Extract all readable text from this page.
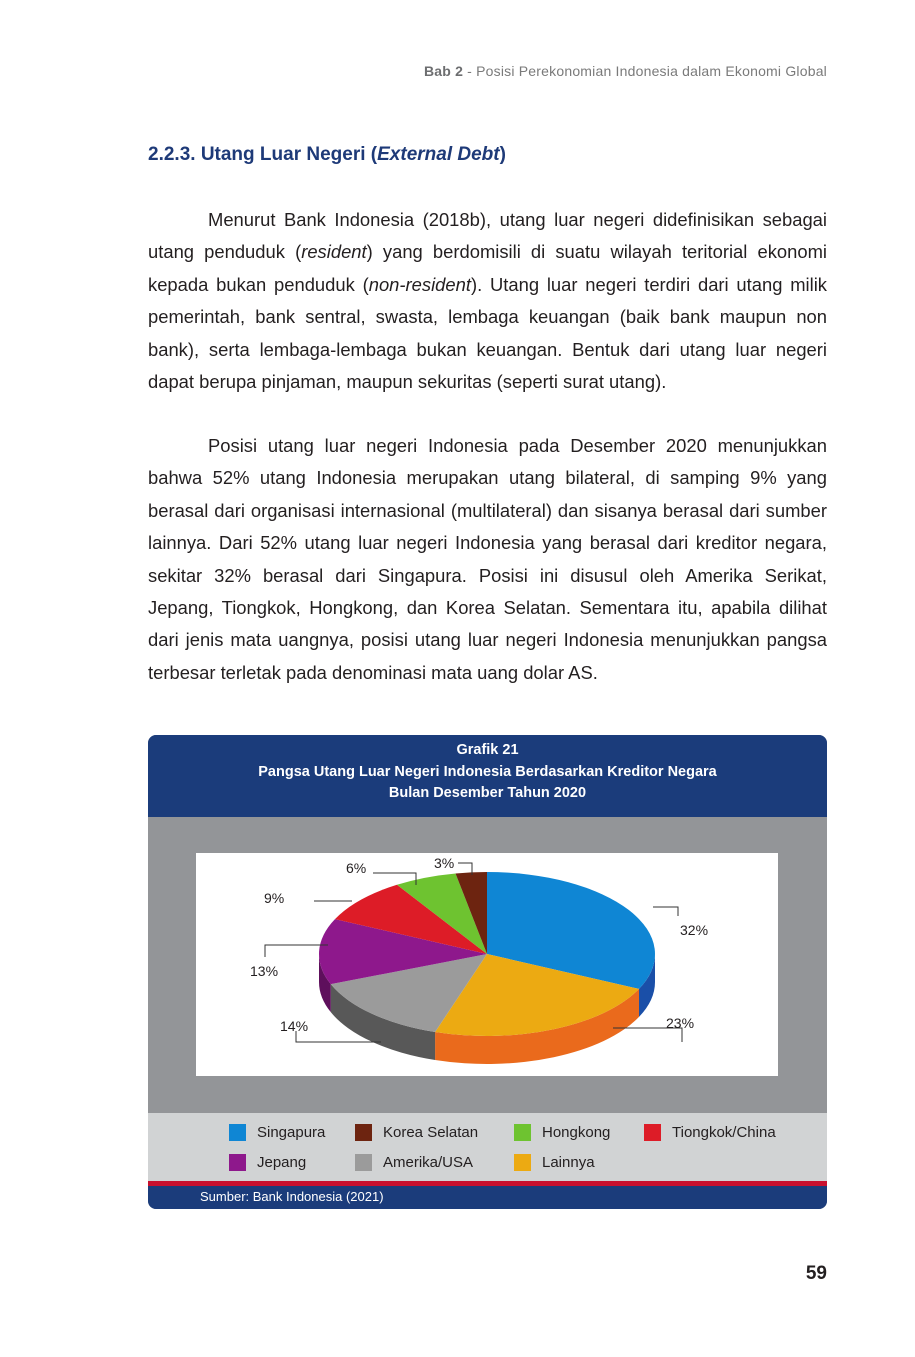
Bab 2 - Posisi Perekonomian Indonesia dalam Ekonomi Global
2.2.3. Utang Luar Negeri (External Debt)

Menurut Bank Indonesia (2018b), utang luar negeri didefinisikan sebagai utang penduduk (resident) yang berdomisili di suatu wilayah teritorial ekonomi kepada bukan penduduk (non-resident). Utang luar negeri terdiri dari utang milik pemerintah, bank sentral, swasta, lembaga keuangan (baik bank maupun non bank), serta lembaga-lembaga bukan keuangan. Bentuk dari utang luar negeri dapat berupa pinjaman, maupun sekuritas (seperti surat utang).

Posisi utang luar negeri Indonesia pada Desember 2020 menunjukkan bahwa 52% utang Indonesia merupakan utang bilateral, di samping 9% yang berasal dari organisasi internasional (multilateral) dan sisanya berasal dari sumber lainnya. Dari 52% utang luar negeri Indonesia yang berasal dari kreditor negara, sekitar 32% berasal dari Singapura. Posisi ini disusul oleh Amerika Serikat, Jepang, Tiongkok, Hongkong, dan Korea Selatan. Sementara itu, apabila dilihat dari jenis mata uangnya, posisi utang luar negeri Indonesia menunjukkan pangsa terbesar terletak pada denominasi mata uang dolar AS.

Grafik 21
Pangsa Utang Luar Negeri Indonesia Berdasarkan Kreditor Negara
Bulan Desember Tahun 2020
32%
23%
14%
13%
9%
6%	3%
Singapura	Korea Selatan	Hongkong	Tiongkok/China
Jepang	Amerika/USA	Lainnya
Sumber: Bank Indonesia (2021)
59
